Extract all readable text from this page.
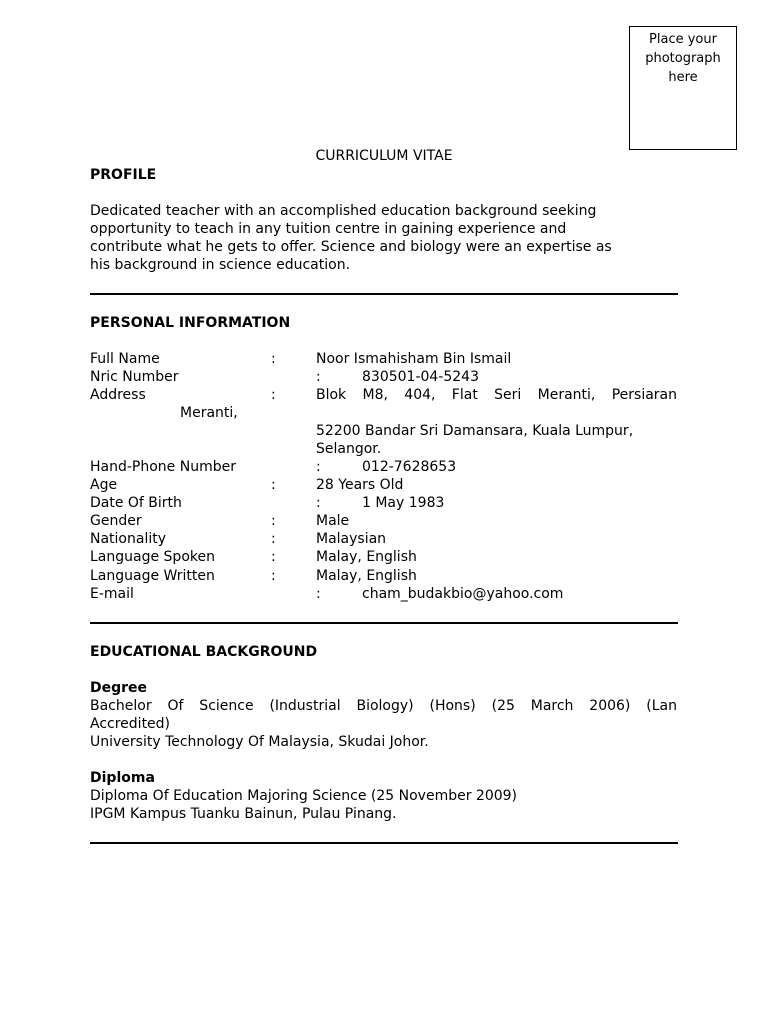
Place your
photograph
here
CURRICULUM VITAE
PROFILE
Dedicated teacher with an accomplished education background seeking
opportunity to teach in any tuition centre in gaining experience and
contribute what he gets to offer. Science and biology were an expertise as
his background in science education.
PERSONAL INFORMATION
Full Name	:	Noor Ismahisham Bin Ismail
Nric Number	:	830501-04-5243
Address	:	Blok M8, 404, Flat Seri Meranti, Persiaran
Meranti,
52200 Bandar Sri Damansara, Kuala Lumpur,
Selangor.
Hand-Phone Number	:	012-7628653
Age	:	28 Years Old
Date Of Birth	:	1 May 1983
Gender	:	Male
Nationality	:	Malaysian
Language Spoken	:	Malay, English
Language Written	:	Malay, English
E-mail	:	cham_budakbio@yahoo.com
EDUCATIONAL BACKGROUND
Degree
Bachelor Of Science (Industrial Biology) (Hons) (25 March 2006) (Lan
Accredited)
University Technology Of Malaysia, Skudai Johor.
Diploma
Diploma Of Education Majoring Science (25 November 2009)
IPGM Kampus Tuanku Bainun, Pulau Pinang.
